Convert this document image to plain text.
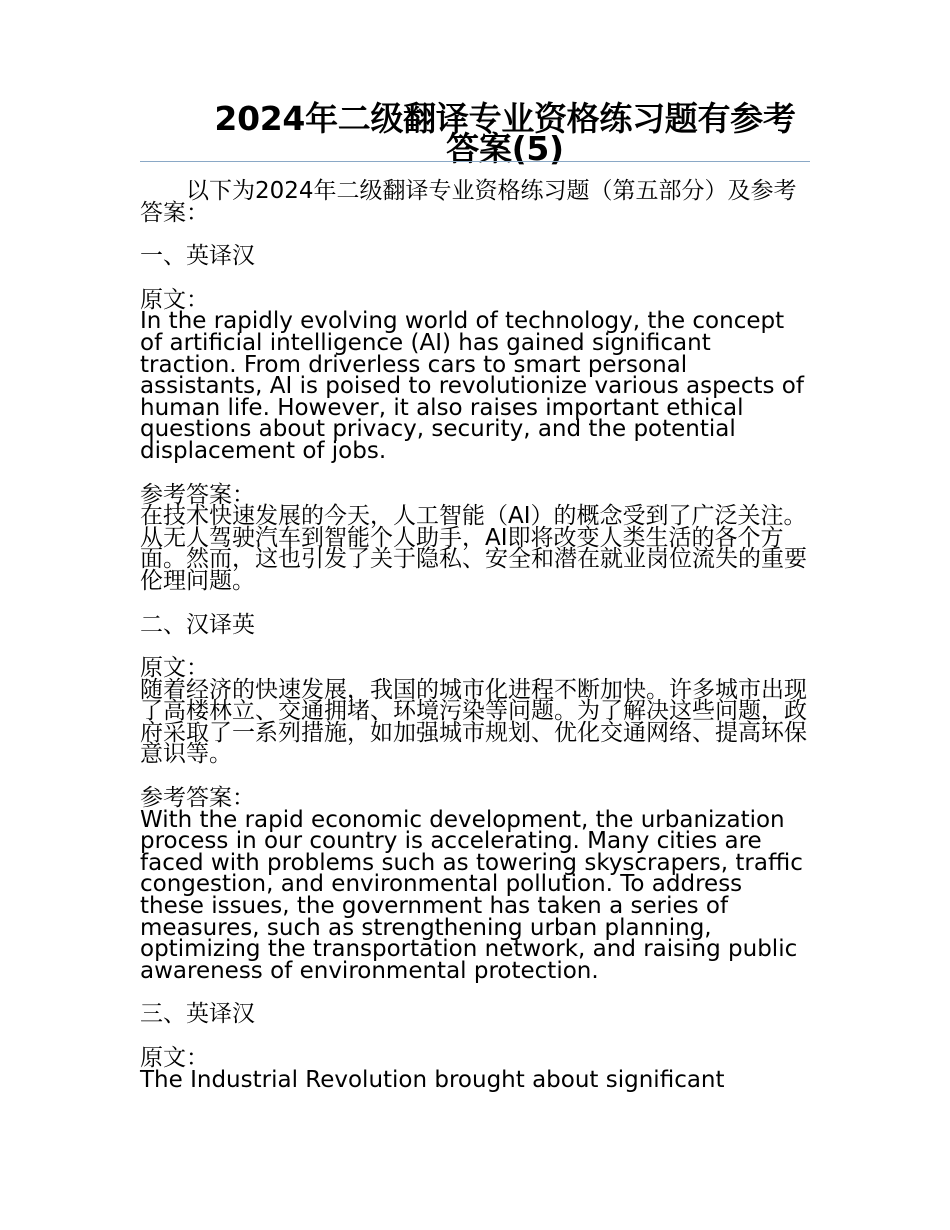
2024年二级翻译专业资格练习题有参考答案(5)

以下为2024年二级翻译专业资格练习题（第五部分）及参考答案：

一、英译汉

原文：

In the rapidly evolving world of technology, the concept of artificial intelligence (AI) has gained significant traction. From driverless cars to smart personal assistants, AI is poised to revolutionize various aspects of human life. However, it also raises important ethical questions about privacy, security, and the potential displacement of jobs.

参考答案：

在技术快速发展的今天，人工智能（AI）的概念受到了广泛关注。从无人驾驶汽车到智能个人助手，AI即将改变人类生活的各个方面。然而，这也引发了关于隐私、安全和潜在就业岗位流失的重要伦理问题。

二、汉译英

原文：

随着经济的快速发展，我国的城市化进程不断加快。许多城市出现了高楼林立、交通拥堵、环境污染等问题。为了解决这些问题，政府采取了一系列措施，如加强城市规划、优化交通网络、提高环保意识等。

参考答案：

With the rapid economic development, the urbanization process in our country is accelerating. Many cities are faced with problems such as towering skyscrapers, traffic congestion, and environmental pollution. To address these issues, the government has taken a series of measures, such as strengthening urban planning, optimizing the transportation network, and raising public awareness of environmental protection.

三、英译汉

原文：

The Industrial Revolution brought about significant
